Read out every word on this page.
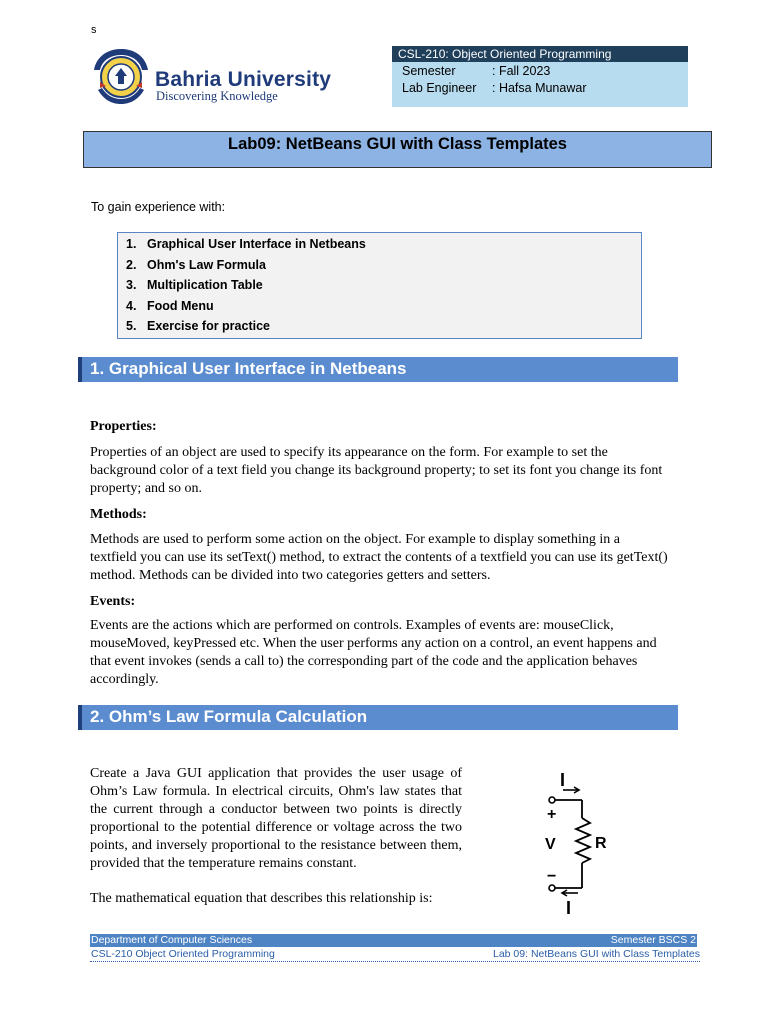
s
Bahria University
Discovering Knowledge
CSL-210: Object Oriented Programming
Semester	: Fall 2023
Lab Engineer : Hafsa Munawar
Lab09: NetBeans GUI with Class Templates
To gain experience with:
1. Graphical User Interface in Netbeans
2. Ohm's Law Formula
3. Multiplication Table
4. Food Menu
5. Exercise for practice
1. Graphical User Interface in Netbeans
Properties:
Properties of an object are used to specify its appearance on the form. For example to set the background color of a text field you change its background property; to set its font you change its font property; and so on.
Methods:
Methods are used to perform some action on the object. For example to display something in a textfield you can use its setText() method, to extract the contents of a textfield you can use its getText() method. Methods can be divided into two categories getters and setters.
Events:
Events are the actions which are performed on controls. Examples of events are: mouseClick, mouseMoved, keyPressed etc. When the user performs any action on a control, an event happens and that event invokes (sends a call to) the corresponding part of the code and the application behaves accordingly.
2. Ohm’s Law Formula Calculation
Create a Java GUI application that provides the user usage of Ohm’s Law formula. In electrical circuits, Ohm's law states that the current through a conductor between two points is directly proportional to the potential difference or voltage across the two points, and inversely proportional to the resistance between them, provided that the temperature remains constant.
The mathematical equation that describes this relationship is:
I
+
V R
−
I
Department of Computer Sciences	Semester BSCS 2
CSL-210 Object Oriented Programming	Lab 09: NetBeans GUI with Class Templates
